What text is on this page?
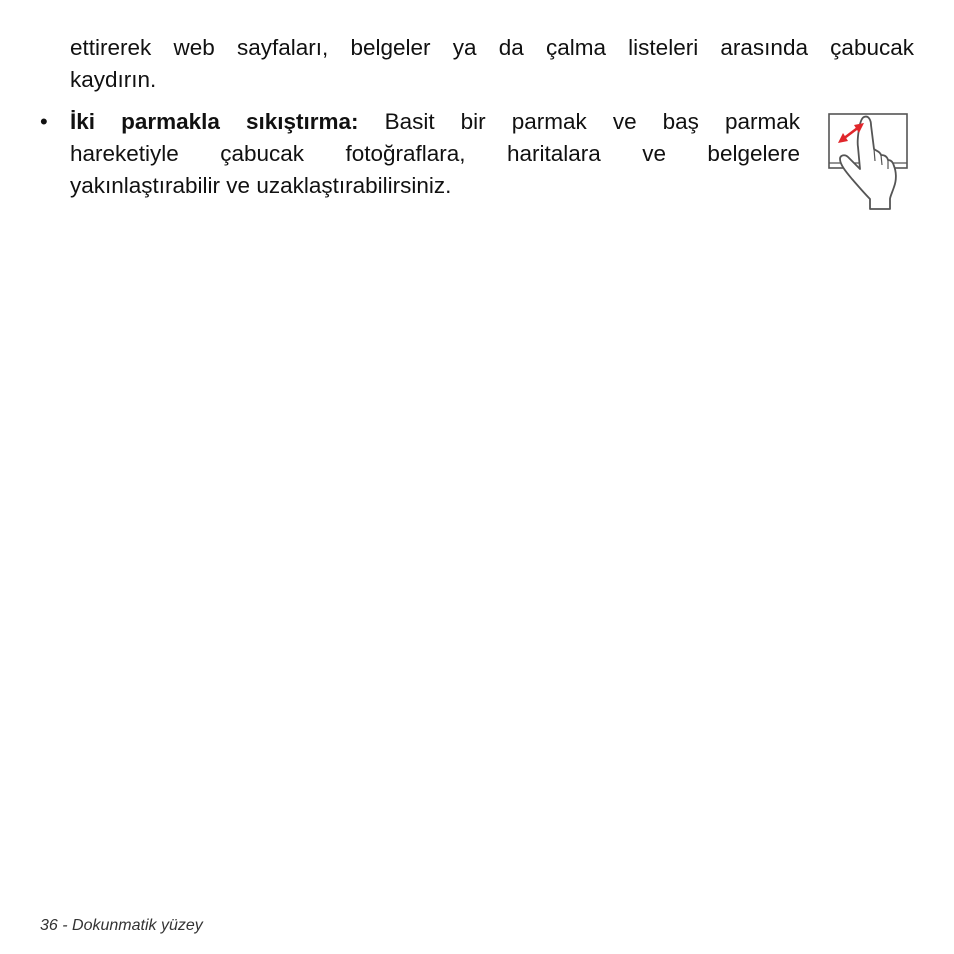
ettirerek web sayfaları, belgeler ya da çalma listeleri arasında çabucak
kaydırın.
• İki parmakla sıkıştırma: Basit bir parmak ve baş parmak
hareketiyle çabucak fotoğraflara, haritalara ve belgelere
yakınlaştırabilir ve uzaklaştırabilirsiniz.
36 - Dokunmatik yüzey
